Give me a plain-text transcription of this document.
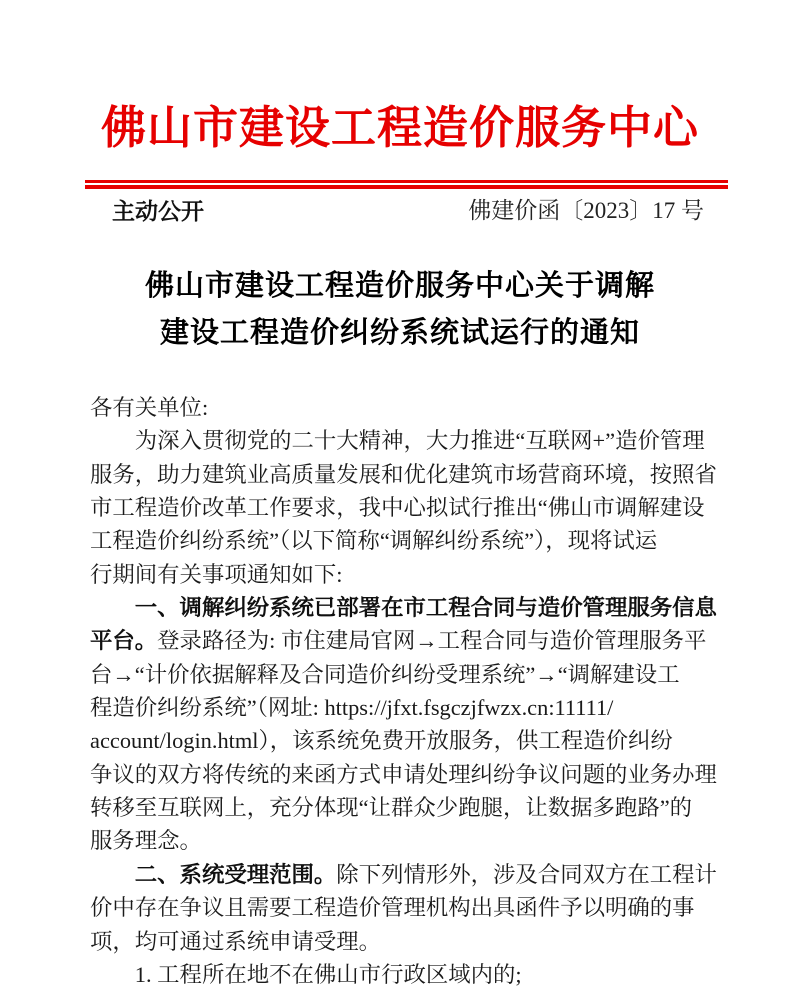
佛山市建设工程造价服务中心
主动公开	佛建价函〔2023〕17 号
佛山市建设工程造价服务中心关于调解
建设工程造价纠纷系统试运行的通知
各有关单位:
　　为深入贯彻党的二十大精神，大力推进“互联网+”造价管理
服务，助力建筑业高质量发展和优化建筑市场营商环境，按照省
市工程造价改革工作要求，我中心拟试行推出“佛山市调解建设
工程造价纠纷系统”（以下简称“调解纠纷系统”），现将试运
行期间有关事项通知如下:
　　一、调解纠纷系统已部署在市工程合同与造价管理服务信息
平台。登录路径为: 市住建局官网→工程合同与造价管理服务平
台→“计价依据解释及合同造价纠纷受理系统”→“调解建设工
程造价纠纷系统”（网址: https://jfxt.fsgczjfwzx.cn:11111/
account/login.html），该系统免费开放服务，供工程造价纠纷
争议的双方将传统的来函方式申请处理纠纷争议问题的业务办理
转移至互联网上，充分体现“让群众少跑腿，让数据多跑路”的
服务理念。
　　二、系统受理范围。除下列情形外，涉及合同双方在工程计
价中存在争议且需要工程造价管理机构出具函件予以明确的事
项，均可通过系统申请受理。
　　1. 工程所在地不在佛山市行政区域内的;
